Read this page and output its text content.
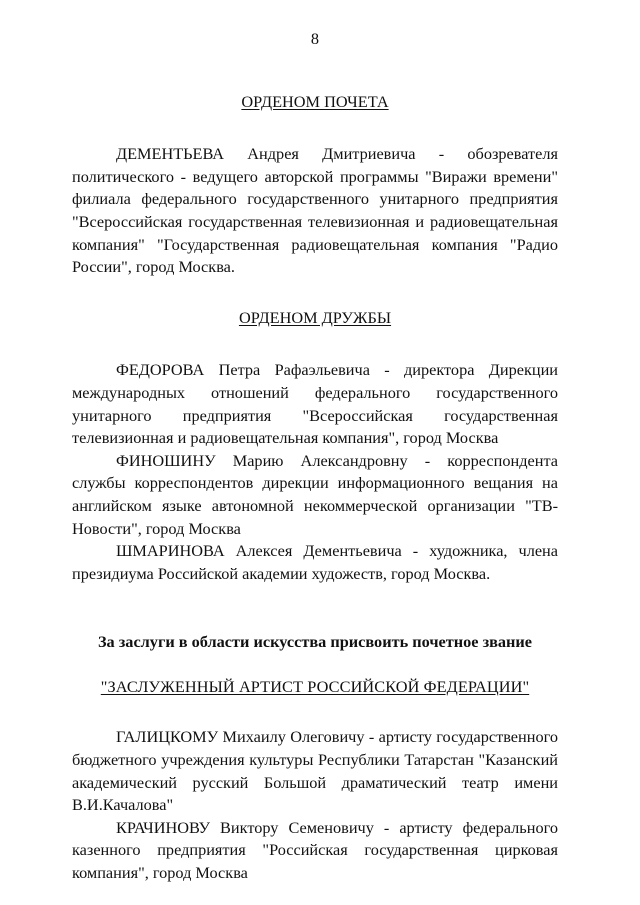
8

ОРДЕНОМ ПОЧЕТА

ДЕМЕНТЬЕВА Андрея Дмитриевича - обозревателя политического - ведущего авторской программы "Виражи времени" филиала федерального государственного унитарного предприятия "Всероссийская государственная телевизионная и радиовещательная компания" "Государственная радиовещательная компания "Радио России", город Москва.

ОРДЕНОМ ДРУЖБЫ

ФЕДОРОВА Петра Рафаэльевича - директора Дирекции международных отношений федерального государственного унитарного предприятия "Всероссийская государственная телевизионная и радиовещательная компания", город Москва

ФИНОШИНУ Марию Александровну - корреспондента службы корреспондентов дирекции информационного вещания на английском языке автономной некоммерческой организации "ТВ-Новости", город Москва

ШМАРИНОВА Алексея Дементьевича - художника, члена президиума Российской академии художеств, город Москва.

За заслуги в области искусства присвоить почетное звание

"ЗАСЛУЖЕННЫЙ АРТИСТ РОССИЙСКОЙ ФЕДЕРАЦИИ"

ГАЛИЦКОМУ Михаилу Олеговичу - артисту государственного бюджетного учреждения культуры Республики Татарстан "Казанский академический русский Большой драматический театр имени В.И.Качалова"

КРАЧИНОВУ Виктору Семеновичу - артисту федерального казенного предприятия "Российская государственная цирковая компания", город Москва
